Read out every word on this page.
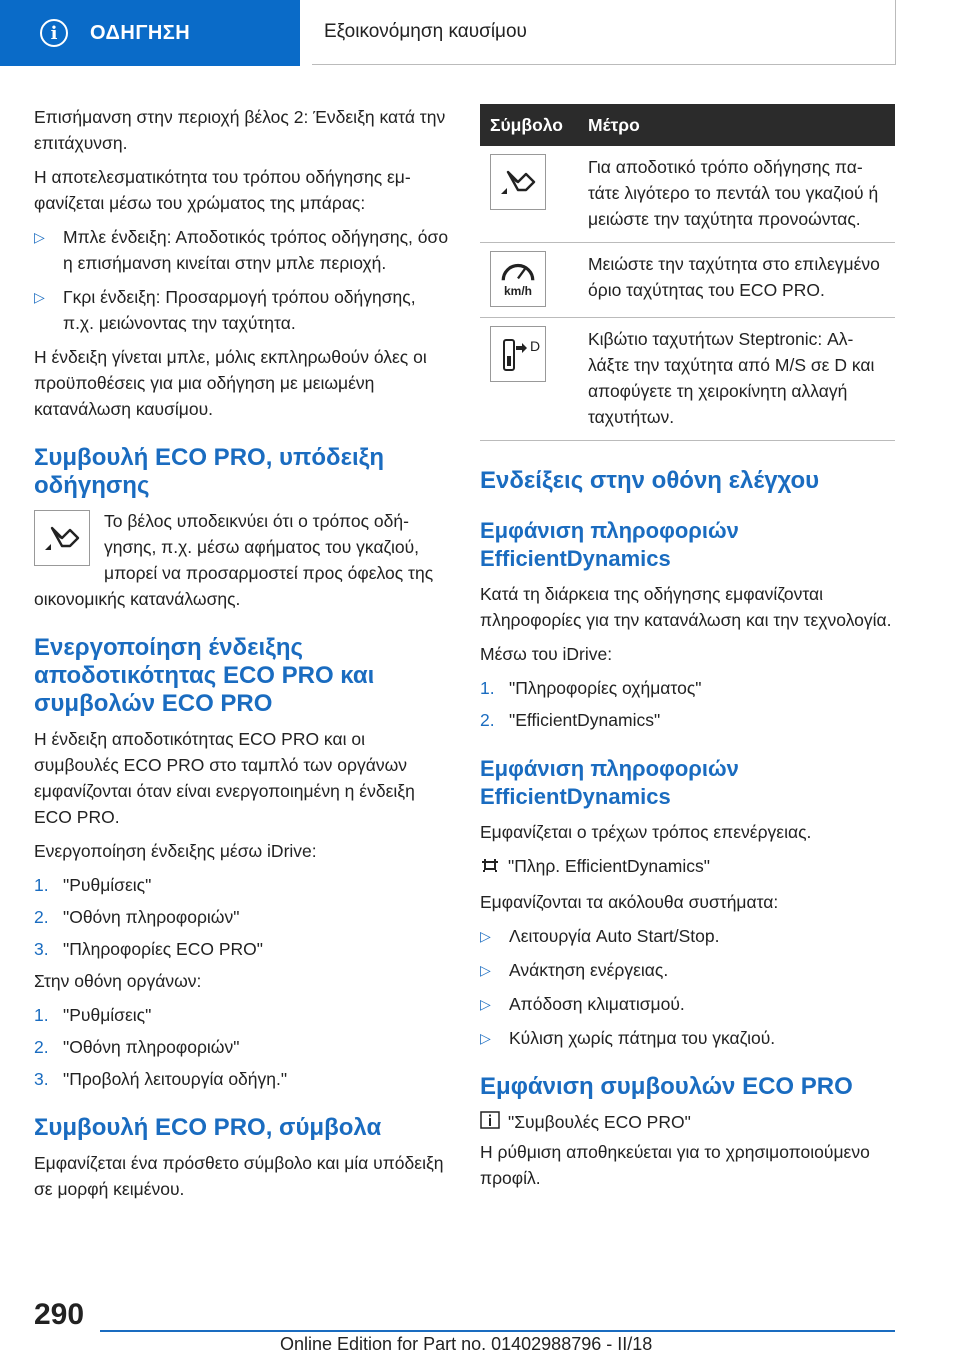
i	ΟΔΗΓΗΣΗ	Εξοικονόμηση καυσίμου

Επισήμανση στην περιοχή βέλος 2: Ένδειξη κατά την επιτάχυνση.

Η αποτελεσματικότητα του τρόπου οδήγησης εμφανίζεται μέσω του χρώματος της μπάρας:

▷	Μπλε ένδειξη: Αποδοτικός τρόπος οδήγησης, όσο η επισήμανση κινείται στην μπλε περιοχή.
▷	Γκρι ένδειξη: Προσαρμογή τρόπου οδήγησης, π.χ. μειώνοντας την ταχύτητα.

Η ένδειξη γίνεται μπλε, μόλις εκπληρωθούν όλες οι προϋποθέσεις για μια οδήγηση με μειωμένη κατανάλωση καυσίμου.

Συμβουλή ECO PRO, υπόδειξη οδήγησης

Το βέλος υποδεικνύει ότι ο τρόπος οδήγησης, π.χ. μέσω αφήματος του γκαζιού, μπορεί να προσαρμοστεί προς όφελος της οικονομικής κατανάλωσης.

Ενεργοποίηση ένδειξης αποδοτικότητας ECO PRO και συμβολών ECO PRO

Η ένδειξη αποδοτικότητας ECO PRO και οι συμβουλές ECO PRO στο ταμπλό των οργάνων εμφανίζονται όταν είναι ενεργοποιημένη η ένδειξη ECO PRO.

Ενεργοποίηση ένδειξης μέσω iDrive:

1. "Ρυθμίσεις"
2. "Οθόνη πληροφοριών"
3. "Πληροφορίες ECO PRO"

Στην οθόνη οργάνων:

1. "Ρυθμίσεις"
2. "Οθόνη πληροφοριών"
3. "Προβολή λειτουργία οδήγη."
Συμβουλή ECO PRO, σύμβολα

Εμφανίζεται ένα πρόσθετο σύμβολο και μία υπόδειξη σε μορφή κειμένου.

Σύμβολο	Μέτρο

	Για αποδοτικό τρόπο οδήγησης πατάτε λιγότερο το πεντάλ του γκαζιού ή μειώστε την ταχύτητα προνοώντας.

km/h	Μειώστε την ταχύτητα στο επιλεγμένο όριο ταχύτητας του ECO PRO.

D	Κιβώτιο ταχυτήτων Steptronic: Αλλάξτε την ταχύτητα από M/S σε D και αποφύγετε τη χειροκίνητη αλλαγή ταχυτήτων.
Ενδείξεις στην οθόνη ελέγχου
Εμφάνιση πληροφοριών EfficientDynamics

Κατά τη διάρκεια της οδήγησης εμφανίζονται πληροφορίες για την κατανάλωση και την τεχνολογία.

Μέσω του iDrive:

1. "Πληροφορίες οχήματος"
2. "EfficientDynamics"
Εμφάνιση πληροφοριών EfficientDynamics

Εμφανίζεται ο τρέχων τρόπος επενέργειας.

"Πληρ. EfficientDynamics"

Εμφανίζονται τα ακόλουθα συστήματα:

▷	Λειτουργία Auto Start/Stop.
▷	Ανάκτηση ενέργειας.
▷	Απόδοση κλιματισμού.
▷	Κύλιση χωρίς πάτημα του γκαζιού.
Εμφάνιση συμβουλών ECO PRO

"Συμβουλές ECO PRO"

Η ρύθμιση αποθηκεύεται για το χρησιμοποιούμενο προφίλ.

290
Online Edition for Part no. 01402988796 - II/18
